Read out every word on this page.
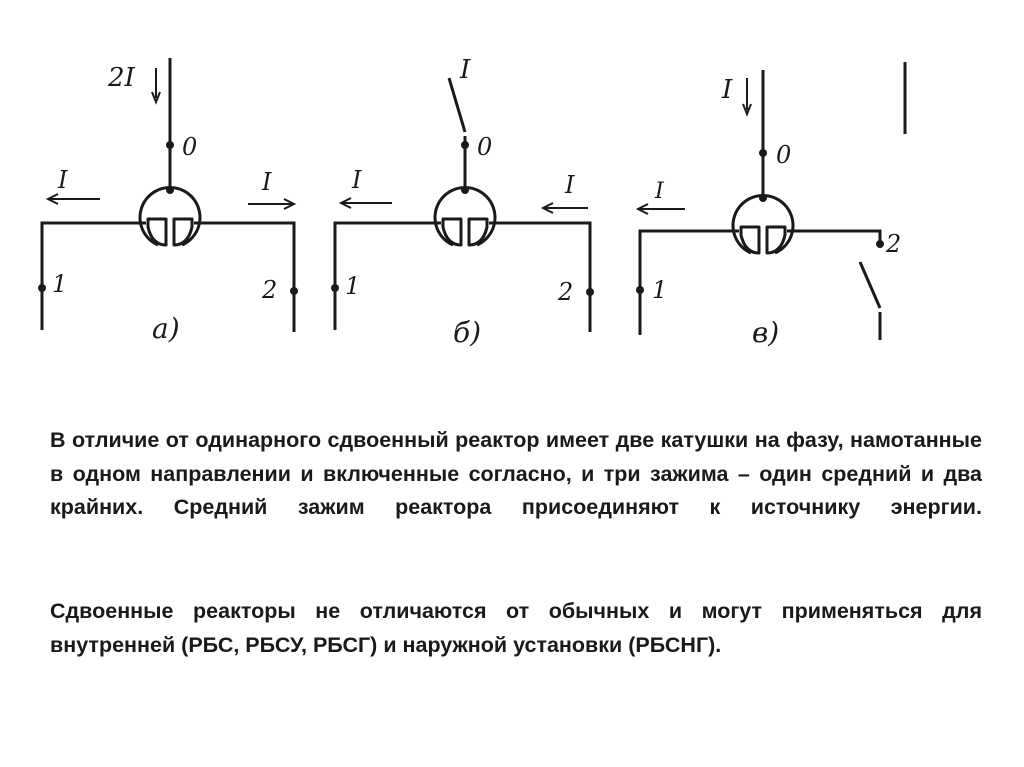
2I
0
I	I
1	2
а)
I
0
I	I
1	2
б)
I
0
2
I
1
в)

В отличие от одинарного сдвоенный реактор имеет две катушки на фазу, намотанные в одном направлении и включенные согласно, и три зажима – один средний и два крайних. Средний зажим реактора присоединяют к источнику энергии.

Сдвоенные реакторы не отличаются от обычных и могут применяться для внутренней (РБС, РБСУ, РБСГ) и наружной установки (РБСНГ).
